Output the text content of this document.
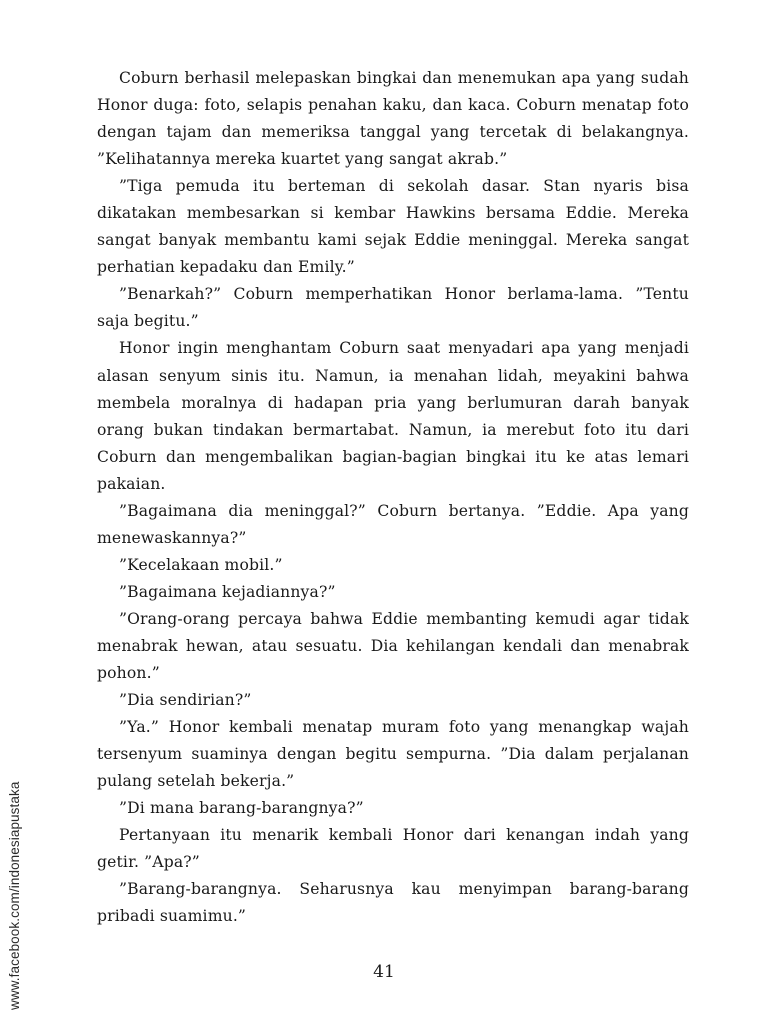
Coburn berhasil melepaskan bingkai dan menemukan apa yang sudah Honor duga: foto, selapis penahan kaku, dan kaca. Coburn menatap foto dengan tajam dan memeriksa tanggal yang tercetak di belakangnya. ”Kelihatannya mereka kuartet yang sangat akrab.”

”Tiga pemuda itu berteman di sekolah dasar. Stan nyaris bisa dikatakan membesarkan si kembar Hawkins bersama Eddie. Mereka sangat banyak membantu kami sejak Eddie meninggal. Mereka sangat perhatian kepadaku dan Emily.”

”Benarkah?” Coburn memperhatikan Honor berlama-lama. ”Tentu saja begitu.”

Honor ingin menghantam Coburn saat menyadari apa yang menjadi alasan senyum sinis itu. Namun, ia menahan lidah, meyakini bahwa membela moralnya di hadapan pria yang berlumuran darah banyak orang bukan tindakan bermartabat. Namun, ia merebut foto itu dari Coburn dan mengembalikan bagian-bagian bingkai itu ke atas lemari pakaian.

”Bagaimana dia meninggal?” Coburn bertanya. ”Eddie. Apa yang menewaskannya?”

”Kecelakaan mobil.”

”Bagaimana kejadiannya?”

”Orang-orang percaya bahwa Eddie membanting kemudi agar tidak menabrak hewan, atau sesuatu. Dia kehilangan kendali dan menabrak pohon.”

”Dia sendirian?”

”Ya.” Honor kembali menatap muram foto yang menangkap wajah tersenyum suaminya dengan begitu sempurna. ”Dia dalam perjalanan pulang setelah bekerja.”

”Di mana barang-barangnya?”

Pertanyaan itu menarik kembali Honor dari kenangan indah yang getir. ”Apa?”

”Barang-barangnya. Seharusnya kau menyimpan barang-barang pribadi suamimu.”

41
www.facebook.com/indonesiapustaka
